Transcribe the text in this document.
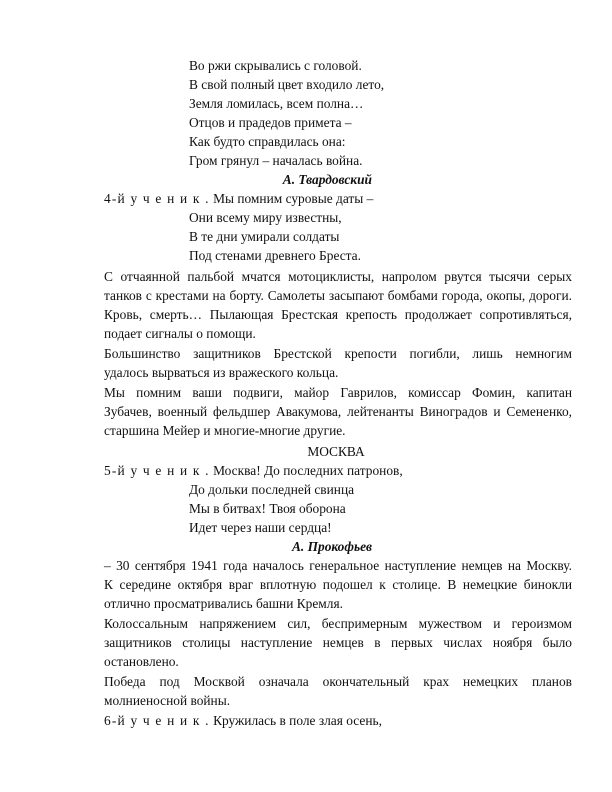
Во ржи скрывались с головой.
В свой полный цвет входило лето,
Земля ломилась, всем полна…
Отцов и прадедов примета –
Как будто справдилась она:
Гром грянул – началась война.
А. Твардовский
4-й у ч е н и к . Мы помним суровые даты –
Они всему миру известны,
В те дни умирали солдаты
Под стенами древнего Бреста.
С отчаянной пальбой мчатся мотоциклисты, напролом рвутся тысячи серых
танков с крестами на борту. Самолеты засыпают бомбами города, окопы, дороги.
Кровь, смерть… Пылающая Брестская крепость продолжает сопротивляться,
подает сигналы о помощи.
Большинство защитников Брестской крепости погибли, лишь немногим
удалось вырваться из вражеского кольца.
Мы помним ваши подвиги, майор Гаврилов, комиссар Фомин, капитан
Зубачев, военный фельдшер Авакумова, лейтенанты Виноградов и Семененко,
старшина Мейер и многие-многие другие.
МОСКВА
5-й у ч е н и к . Москва! До последних патронов,
До дольки последней свинца
Мы в битвах! Твоя оборона
Идет через наши сердца!
А. Прокофьев
– 30 сентября 1941 года началось генеральное наступление немцев на Москву.
К середине октября враг вплотную подошел к столице. В немецкие бинокли
отлично просматривались башни Кремля.
Колоссальным напряжением сил, беспримерным мужеством и героизмом
защитников столицы наступление немцев в первых числах ноября было
остановлено.
Победа под Москвой означала окончательный крах немецких планов
молниеносной войны.
6-й у ч е н и к . Кружилась в поле злая осень,
